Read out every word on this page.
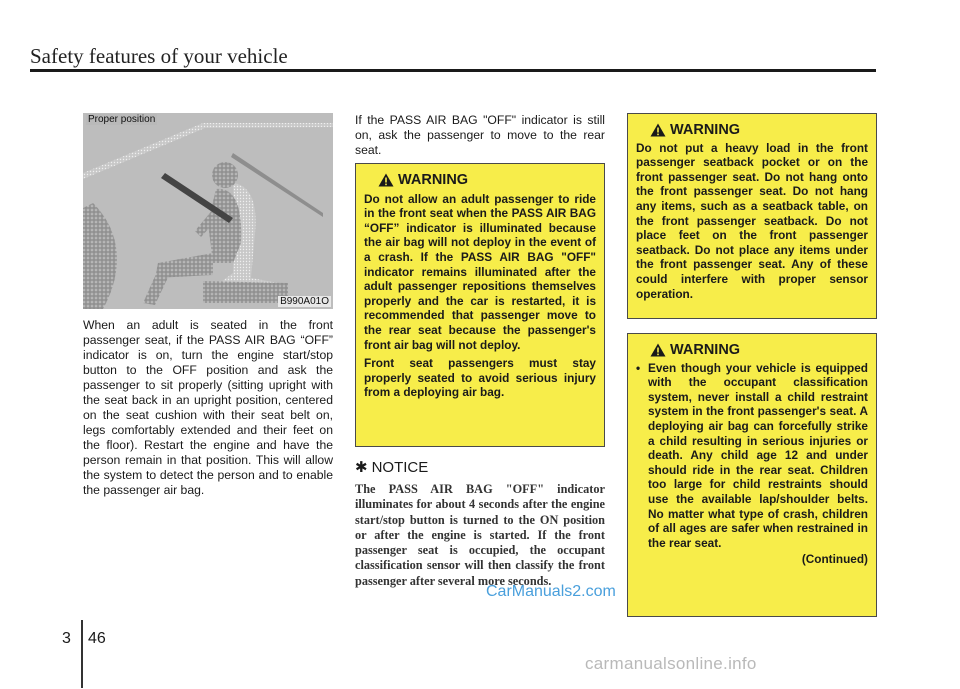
Safety features of your vehicle
Proper position
B990A01O

When an adult is seated in the front passenger seat, if the PASS AIR BAG “OFF” indicator is on, turn the engine start/stop button to the OFF position and ask the passenger to sit properly (sitting upright with the seat back in an upright position, centered on the seat cushion with their seat belt on, legs comfortably extended and their feet on the floor). Restart the engine and have the person remain in that position. This will allow the system to detect the person and to enable the passenger air bag.

If the PASS AIR BAG "OFF" indicator is still on, ask the passenger to move to the rear seat.

WARNING

Do not allow an adult passenger to ride in the front seat when the PASS AIR BAG “OFF” indicator is illuminated because the air bag will not deploy in the event of a crash. If the PASS AIR BAG "OFF" indicator remains illuminated after the adult passenger repositions themselves properly and the car is restarted, it is recommended that passenger move to the rear seat because the passenger's front air bag will not deploy.

Front seat passengers must stay properly seated to avoid serious injury from a deploying air bag.

✱ NOTICE

The PASS AIR BAG "OFF" indicator illuminates for about 4 seconds after the engine start/stop button is turned to the ON position or after the engine is started. If the front passenger seat is occupied, the occupant classification sensor will then classify the front passenger after several more seconds.

WARNING

Do not put a heavy load in the front passenger seatback pocket or on the front passenger seat. Do not hang onto the front passenger seat. Do not hang any items, such as a seatback table, on the front passenger seatback. Do not place feet on the front passenger seatback. Do not place any items under the front passenger seat. Any of these could interfere with proper sensor operation.

WARNING
• Even though your vehicle is equipped with the occupant classification system, never install a child restraint system in the front passenger's seat. A deploying air bag can forcefully strike a child resulting in serious injuries or death. Any child age 12 and under should ride in the rear seat. Children too large for child restraints should use the available lap/shoulder belts. No matter what type of crash, children of all ages are safer when restrained in the rear seat.

(Continued)

CarManuals2.com
carmanualsonline.info
3 46
